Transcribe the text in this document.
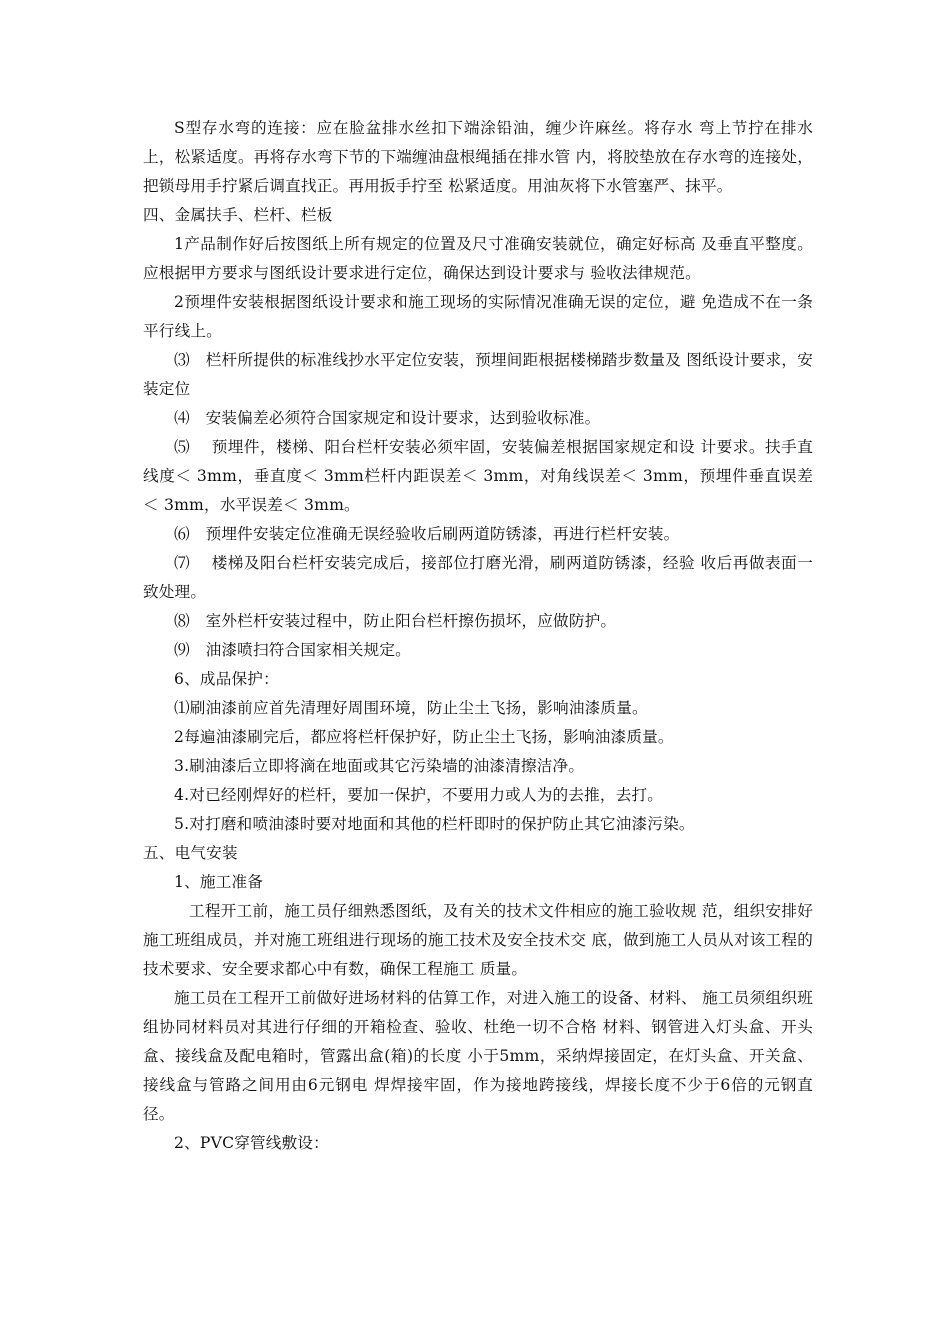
S型存水弯的连接：应在脸盆排水丝扣下端涂铅油，缠少许麻丝。将存水 弯上节拧在排水上，松紧适度。再将存水弯下节的下端缠油盘根绳插在排水管 内，将胶垫放在存水弯的连接处，把锁母用手拧紧后调直找正。再用扳手拧至 松紧适度。用油灰将下水管塞严、抹平。

四、金属扶手、栏杆、栏板

1产品制作好后按图纸上所有规定的位置及尺寸准确安装就位，确定好标高 及垂直平整度。应根据甲方要求与图纸设计要求进行定位，确保达到设计要求与 验收法律规范。

2预埋件安装根据图纸设计要求和施工现场的实际情况准确无误的定位，避 免造成不在一条平行线上。

⑶　栏杆所提供的标准线抄水平定位安装，预埋间距根据楼梯踏步数量及 图纸设计要求，安装定位

⑷　安装偏差必须符合国家规定和设计要求，达到验收标准。

⑸　 预埋件，楼梯、阳台栏杆安装必须牢固，安装偏差根据国家规定和设 计要求。扶手直线度＜ 3mm，垂直度＜ 3mm栏杆内距误差＜ 3mm，对角线误差＜ 3mm，预埋件垂直误差＜ 3mm，水平误差＜ 3mm。

⑹　预埋件安装定位准确无误经验收后刷两道防锈漆，再进行栏杆安装。

⑺　 楼梯及阳台栏杆安装完成后，接部位打磨光滑，刷两道防锈漆，经验 收后再做表面一致处理。

⑻　室外栏杆安装过程中，防止阳台栏杆擦伤损坏，应做防护。

⑼　油漆喷扫符合国家相关规定。

6、成品保护：

⑴刷油漆前应首先清理好周围环境，防止尘土飞扬，影响油漆质量。

2每遍油漆刷完后，都应将栏杆保护好，防止尘土飞扬，影响油漆质量。

3.刷油漆后立即将滴在地面或其它污染墙的油漆清擦洁净。

4.对已经刚焊好的栏杆，要加一保护，不要用力或人为的去推，去打。

5.对打磨和喷油漆时要对地面和其他的栏杆即时的保护防止其它油漆污染。

五、电气安装

1、施工准备

工程开工前，施工员仔细熟悉图纸，及有关的技术文件相应的施工验收规 范，组织安排好施工班组成员，并对施工班组进行现场的施工技术及安全技术交 底，做到施工人员从对该工程的技术要求、安全要求都心中有数，确保工程施工 质量。

施工员在工程开工前做好进场材料的估算工作，对进入施工的设备、材料、 施工员须组织班组协同材料员对其进行仔细的开箱检查、验收、杜绝一切不合格 材料、钢管进入灯头盒、开头盒、接线盒及配电箱时，管露出盒(箱)的长度 小于5mm，采纳焊接固定，在灯头盒、开关盒、接线盒与管路之间用由6元钢电 焊焊接牢固，作为接地跨接线，焊接长度不少于6倍的元钢直径。

2、PVC穿管线敷设：
